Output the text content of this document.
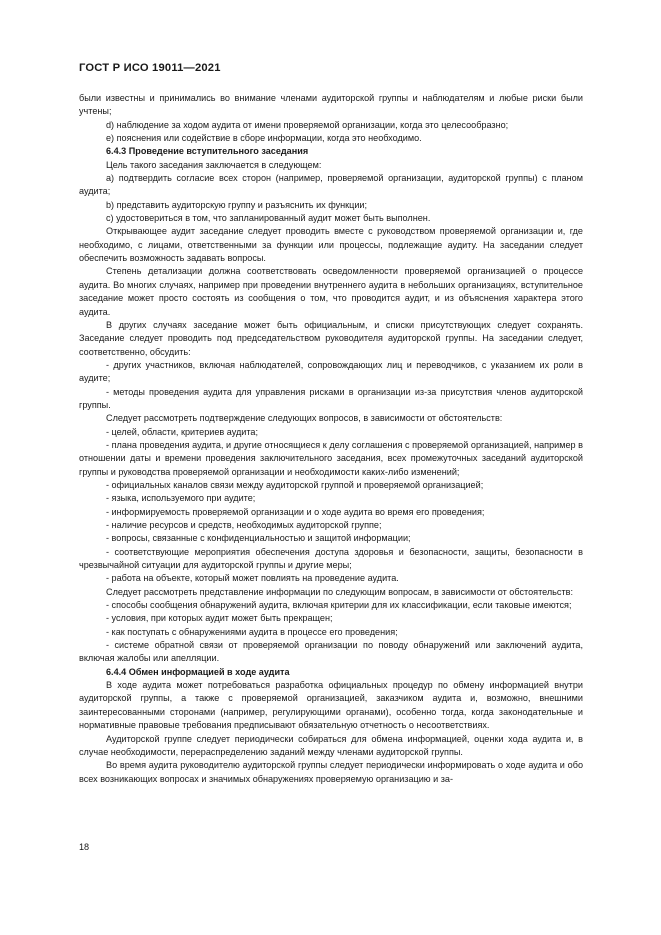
ГОСТ Р ИСО 19011—2021

были известны и принимались во внимание членами аудиторской группы и наблюдателям и любые риски были учтены;

d) наблюдение за ходом аудита от имени проверяемой организации, когда это целесообразно;

e) пояснения или содействие в сборе информации, когда это необходимо.

6.4.3 Проведение вступительного заседания

Цель такого заседания заключается в следующем:

a) подтвердить согласие всех сторон (например, проверяемой организации, аудиторской группы) с планом аудита;

b) представить аудиторскую группу и разъяснить их функции;

c) удостовериться в том, что запланированный аудит может быть выполнен.

Открывающее аудит заседание следует проводить вместе с руководством проверяемой организации и, где необходимо, с лицами, ответственными за функции или процессы, подлежащие аудиту. На заседании следует обеспечить возможность задавать вопросы.

Степень детализации должна соответствовать осведомленности проверяемой организацией о процессе аудита. Во многих случаях, например при проведении внутреннего аудита в небольших организациях, вступительное заседание может просто состоять из сообщения о том, что проводится аудит, и из объяснения характера этого аудита.

В других случаях заседание может быть официальным, и списки присутствующих следует сохранять. Заседание следует проводить под председательством руководителя аудиторской группы. На заседании следует, соответственно, обсудить:

- других участников, включая наблюдателей, сопровождающих лиц и переводчиков, с указанием их роли в аудите;

- методы проведения аудита для управления рисками в организации из-за присутствия членов аудиторской группы.

Следует рассмотреть подтверждение следующих вопросов, в зависимости от обстоятельств:

- целей, области, критериев аудита;

- плана проведения аудита, и другие относящиеся к делу соглашения с проверяемой организацией, например в отношении даты и времени проведения заключительного заседания, всех промежуточных заседаний аудиторской группы и руководства проверяемой организации и необходимости каких-либо изменений;

- официальных каналов связи между аудиторской группой и проверяемой организацией;

- языка, используемого при аудите;

- информируемость проверяемой организации и о ходе аудита во время его проведения;

- наличие ресурсов и средств, необходимых аудиторской группе;

- вопросы, связанные с конфиденциальностью и защитой информации;

- соответствующие мероприятия обеспечения доступа здоровья и безопасности, защиты, безопасности в чрезвычайной ситуации для аудиторской группы и другие меры;

- работа на объекте, который может повлиять на проведение аудита.

Следует рассмотреть представление информации по следующим вопросам, в зависимости от обстоятельств:

- способы сообщения обнаружений аудита, включая критерии для их классификации, если таковые имеются;

- условия, при которых аудит может быть прекращен;

- как поступать с обнаружениями аудита в процессе его проведения;

- системе обратной связи от проверяемой организации по поводу обнаружений или заключений аудита, включая жалобы или апелляции.

6.4.4 Обмен информацией в ходе аудита

В ходе аудита может потребоваться разработка официальных процедур по обмену информацией внутри аудиторской группы, а также с проверяемой организацией, заказчиком аудита и, возможно, внешними заинтересованными сторонами (например, регулирующими органами), особенно тогда, когда законодательные и нормативные правовые требования предписывают обязательную отчетность о несоответствиях.

Аудиторской группе следует периодически собираться для обмена информацией, оценки хода аудита и, в случае необходимости, перераспределению заданий между членами аудиторской группы.

Во время аудита руководителю аудиторской группы следует периодически информировать о ходе аудита и обо всех возникающих вопросах и значимых обнаружениях проверяемую организацию и за-

18
